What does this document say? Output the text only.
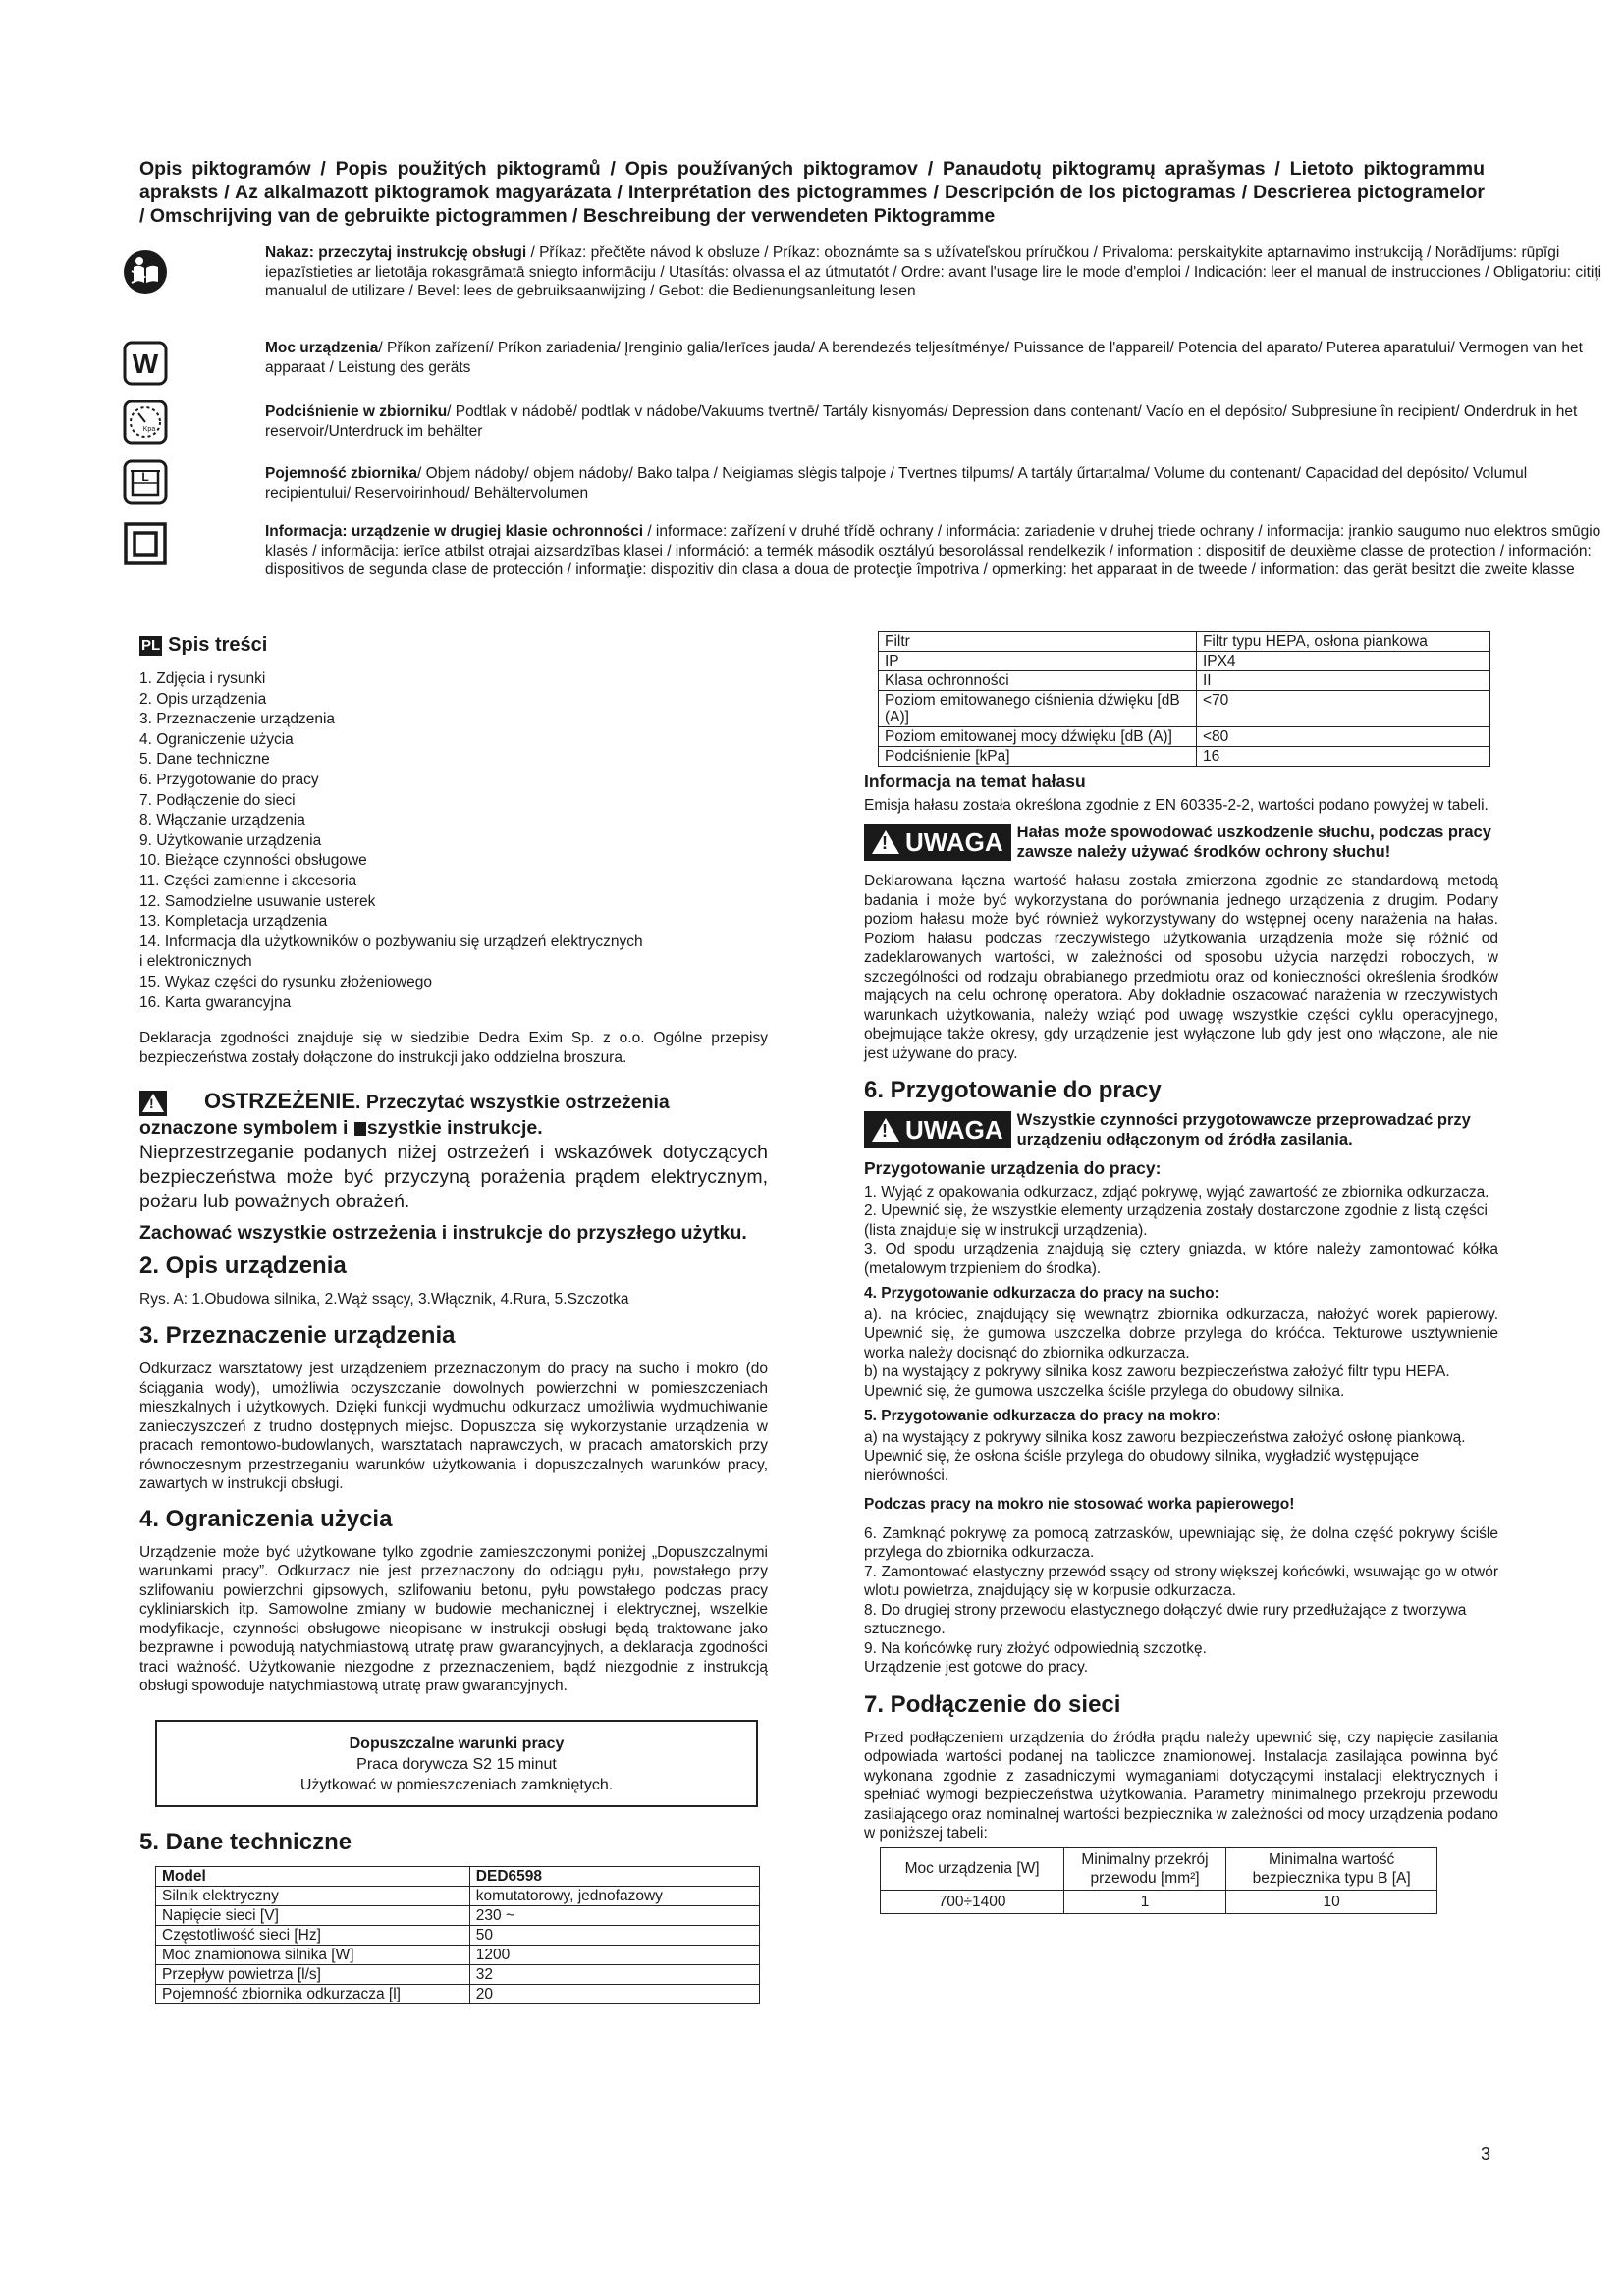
Opis piktogramów / Popis použitých piktogramů / Opis používaných piktogramov / Panaudotų piktogramų aprašymas / Lietoto piktogrammu apraksts / Az alkalmazott piktogramok magyarázata / Interprétation des pictogrammes / Descripción de los pictogramas / Descrierea pictogramelor / Omschrijving van de gebruikte pictogrammen / Beschreibung der verwendeten Piktogramme
Nakaz: przeczytaj instrukcję obsługi / Příkaz: přečtěte návod k obsluze / Príkaz: oboznámte sa s užívateľskou príručkou / Privaloma: perskaitykite aptarnavimo instrukciją / Norādījums: rūpīgi iepazīstieties ar lietotāja rokasgrāmatā sniegto informāciju / Utasítás: olvassa el az útmutatót / Ordre: avant l'usage lire le mode d'emploi / Indicación: leer el manual de instrucciones / Obligatoriu: citiţi manualul de utilizare / Bevel: lees de gebruiksaanwijzing / Gebot: die Bedienungsanleitung lesen
W
Moc urządzenia/ Příkon zařízení/ Príkon zariadenia/ Įrenginio galia/Ierīces jauda/ A berendezés teljesítménye/ Puissance de l'appareil/ Potencia del aparato/ Puterea aparatului/ Vermogen van het apparaat / Leistung des geräts
Kpa
Podciśnienie w zbiorniku/ Podtlak v nádobě/ podtlak v nádobe/Vakuums tvertnē/ Tartály kisnyomás/ Depression dans contenant/ Vacío en el depósito/ Subpresiune în recipient/ Onderdruk in het reservoir/Unterdruck im behälter
L	Pojemność zbiornika/ Objem nádoby/ objem nádoby/ Bako talpa / Neigiamas slėgis talpoje / Tvertnes tilpums/ A tartály űrtartalma/ Volume du contenant/ Capacidad del depósito/ Volumul recipientului/ Reservoirinhoud/ Behältervolumen
Informacja: urządzenie w drugiej klasie ochronności / informace: zařízení v druhé třídě ochrany / informácia: zariadenie v druhej triede ochrany / informacija: įrankio saugumo nuo elektros smūgio klasės / informācija: ierīce atbilst otrajai aizsardzības klasei / információ: a termék második osztályú besorolással rendelkezik / information : dispositif de deuxième classe de protection / información: dispositivos de segunda clase de protección / informaţie: dispozitiv din clasa a doua de protecţie împotriva / opmerking: het apparaat in de tweede / information: das gerät besitzt die zweite klasse
PL Spis treści
1. Zdjęcia i rysunki
2. Opis urządzenia
3. Przeznaczenie urządzenia
4. Ograniczenie użycia
5. Dane techniczne
6. Przygotowanie do pracy
7. Podłączenie do sieci
8. Włączanie urządzenia
9. Użytkowanie urządzenia
10. Bieżące czynności obsługowe
11. Części zamienne i akcesoria
12. Samodzielne usuwanie usterek
13. Kompletacja urządzenia
14. Informacja dla użytkowników o pozbywaniu się urządzeń elektrycznych
i elektronicznych
15. Wykaz części do rysunku złożeniowego
16. Karta gwarancyjna

Deklaracja zgodności znajduje się w siedzibie Dedra Exim Sp. z o.o. Ogólne przepisy bezpieczeństwa zostały dołączone do instrukcji jako oddzielna broszura.

!OSTRZEŻENIE. Przeczytać wszystkie ostrzeżenia
oznaczone symbolem i szystkie instrukcje.

Nieprzestrzeganie podanych niżej ostrzeżeń i wskazówek dotyczących bezpieczeństwa może być przyczyną porażenia prądem elektrycznym, pożaru lub poważnych obrażeń.

Zachować wszystkie ostrzeżenia i instrukcje do przyszłego użytku.

2. Opis urządzenia

Rys. A: 1.Obudowa silnika, 2.Wąż ssący, 3.Włącznik, 4.Rura, 5.Szczotka

3. Przeznaczenie urządzenia

Odkurzacz warsztatowy jest urządzeniem przeznaczonym do pracy na sucho i mokro (do ściągania wody), umożliwia oczyszczanie dowolnych powierzchni w pomieszczeniach mieszkalnych i użytkowych. Dzięki funkcji wydmuchu odkurzacz umożliwia wydmuchiwanie zanieczyszczeń z trudno dostępnych miejsc. Dopuszcza się wykorzystanie urządzenia w pracach remontowo-budowlanych, warsztatach naprawczych, w pracach amatorskich przy równoczesnym przestrzeganiu warunków użytkowania i dopuszczalnych warunków pracy, zawartych w instrukcji obsługi.

4. Ograniczenia użycia

Urządzenie może być użytkowane tylko zgodnie zamieszczonymi poniżej „Dopuszczalnymi warunkami pracy”. Odkurzacz nie jest przeznaczony do odciągu pyłu, powstałego przy szlifowaniu powierzchni gipsowych, szlifowaniu betonu, pyłu powstałego podczas pracy cykliniarskich itp. Samowolne zmiany w budowie mechanicznej i elektrycznej, wszelkie modyfikacje, czynności obsługowe nieopisane w instrukcji obsługi będą traktowane jako bezprawne i powodują natychmiastową utratę praw gwarancyjnych, a deklaracja zgodności traci ważność. Użytkowanie niezgodne z przeznaczeniem, bądź niezgodnie z instrukcją obsługi spowoduje natychmiastową utratę praw gwarancyjnych.

Dopuszczalne warunki pracy
Praca dorywcza S2 15 minut
Użytkować w pomieszczeniach zamkniętych.
5. Dane techniczne
Model	DED6598
Silnik elektryczny	komutatorowy, jednofazowy
Napięcie sieci [V]	230 ~
Częstotliwość sieci [Hz]	50
Moc znamionowa silnika [W]	1200
Przepływ powietrza [l/s]	32
Pojemność zbiornika odkurzacza [l]	20
Filtr	Filtr typu HEPA, osłona piankowa
IP	IPX4
Klasa ochronności	II
Poziom emitowanego ciśnienia dźwięku [dB (A)]	<70
Poziom emitowanej mocy dźwięku [dB (A)]	<80
Podciśnienie [kPa]	16
Informacja na temat hałasu

Emisja hałasu została określona zgodnie z EN 60335-2-2, wartości podano powyżej w tabeli.

!
UWAGA Hałas może spowodować uszkodzenie słuchu, podczas pracy zawsze należy używać środków ochrony słuchu!

Deklarowana łączna wartość hałasu została zmierzona zgodnie ze standardową metodą badania i może być wykorzystana do porównania jednego urządzenia z drugim. Podany poziom hałasu może być również wykorzystywany do wstępnej oceny narażenia na hałas. Poziom hałasu podczas rzeczywistego użytkowania urządzenia może się różnić od zadeklarowanych wartości, w zależności od sposobu użycia narzędzi roboczych, w szczególności od rodzaju obrabianego przedmiotu oraz od konieczności określenia środków mających na celu ochronę operatora. Aby dokładnie oszacować narażenia w rzeczywistych warunkach użytkowania, należy wziąć pod uwagę wszystkie części cyklu operacyjnego, obejmujące także okresy, gdy urządzenie jest wyłączone lub gdy jest ono włączone, ale nie jest używane do pracy.

6. Przygotowanie do pracy
!
UWAGA Wszystkie czynności przygotowawcze przeprowadzać przy urządzeniu odłączonym od źródła zasilania.
Przygotowanie urządzenia do pracy:

1. Wyjąć z opakowania odkurzacz, zdjąć pokrywę, wyjąć zawartość ze zbiornika odkurzacza.

2. Upewnić się, że wszystkie elementy urządzenia zostały dostarczone zgodnie z listą części (lista znajduje się w instrukcji urządzenia).

3. Od spodu urządzenia znajdują się cztery gniazda, w które należy zamontować kółka (metalowym trzpieniem do środka).

4. Przygotowanie odkurzacza do pracy na sucho:

a). na króciec, znajdujący się wewnątrz zbiornika odkurzacza, nałożyć worek papierowy. Upewnić się, że gumowa uszczelka dobrze przylega do króćca. Tekturowe usztywnienie worka należy docisnąć do zbiornika odkurzacza.

b) na wystający z pokrywy silnika kosz zaworu bezpieczeństwa założyć filtr typu HEPA. Upewnić się, że gumowa uszczelka ściśle przylega do obudowy silnika.

5. Przygotowanie odkurzacza do pracy na mokro:

a) na wystający z pokrywy silnika kosz zaworu bezpieczeństwa założyć osłonę piankową. Upewnić się, że osłona ściśle przylega do obudowy silnika, wygładzić występujące nierówności.

Podczas pracy na mokro nie stosować worka papierowego!

6. Zamknąć pokrywę za pomocą zatrzasków, upewniając się, że dolna część pokrywy ściśle przylega do zbiornika odkurzacza.

7. Zamontować elastyczny przewód ssący od strony większej końcówki, wsuwając go w otwór wlotu powietrza, znajdujący się w korpusie odkurzacza.

8. Do drugiej strony przewodu elastycznego dołączyć dwie rury przedłużające z tworzywa sztucznego.

9. Na końcówkę rury złożyć odpowiednią szczotkę.

Urządzenie jest gotowe do pracy.

7. Podłączenie do sieci

Przed podłączeniem urządzenia do źródła prądu należy upewnić się, czy napięcie zasilania odpowiada wartości podanej na tabliczce znamionowej. Instalacja zasilająca powinna być wykonana zgodnie z zasadniczymi wymaganiami dotyczącymi instalacji elektrycznych i spełniać wymogi bezpieczeństwa użytkowania. Parametry minimalnego przekroju przewodu zasilającego oraz nominalnej wartości bezpiecznika w zależności od mocy urządzenia podano w poniższej tabeli:

Moc urządzenia [W]	Minimalny przekrój przewodu [mm²]	Minimalna wartość bezpiecznika typu B [A]
700÷1400	1	10
3
